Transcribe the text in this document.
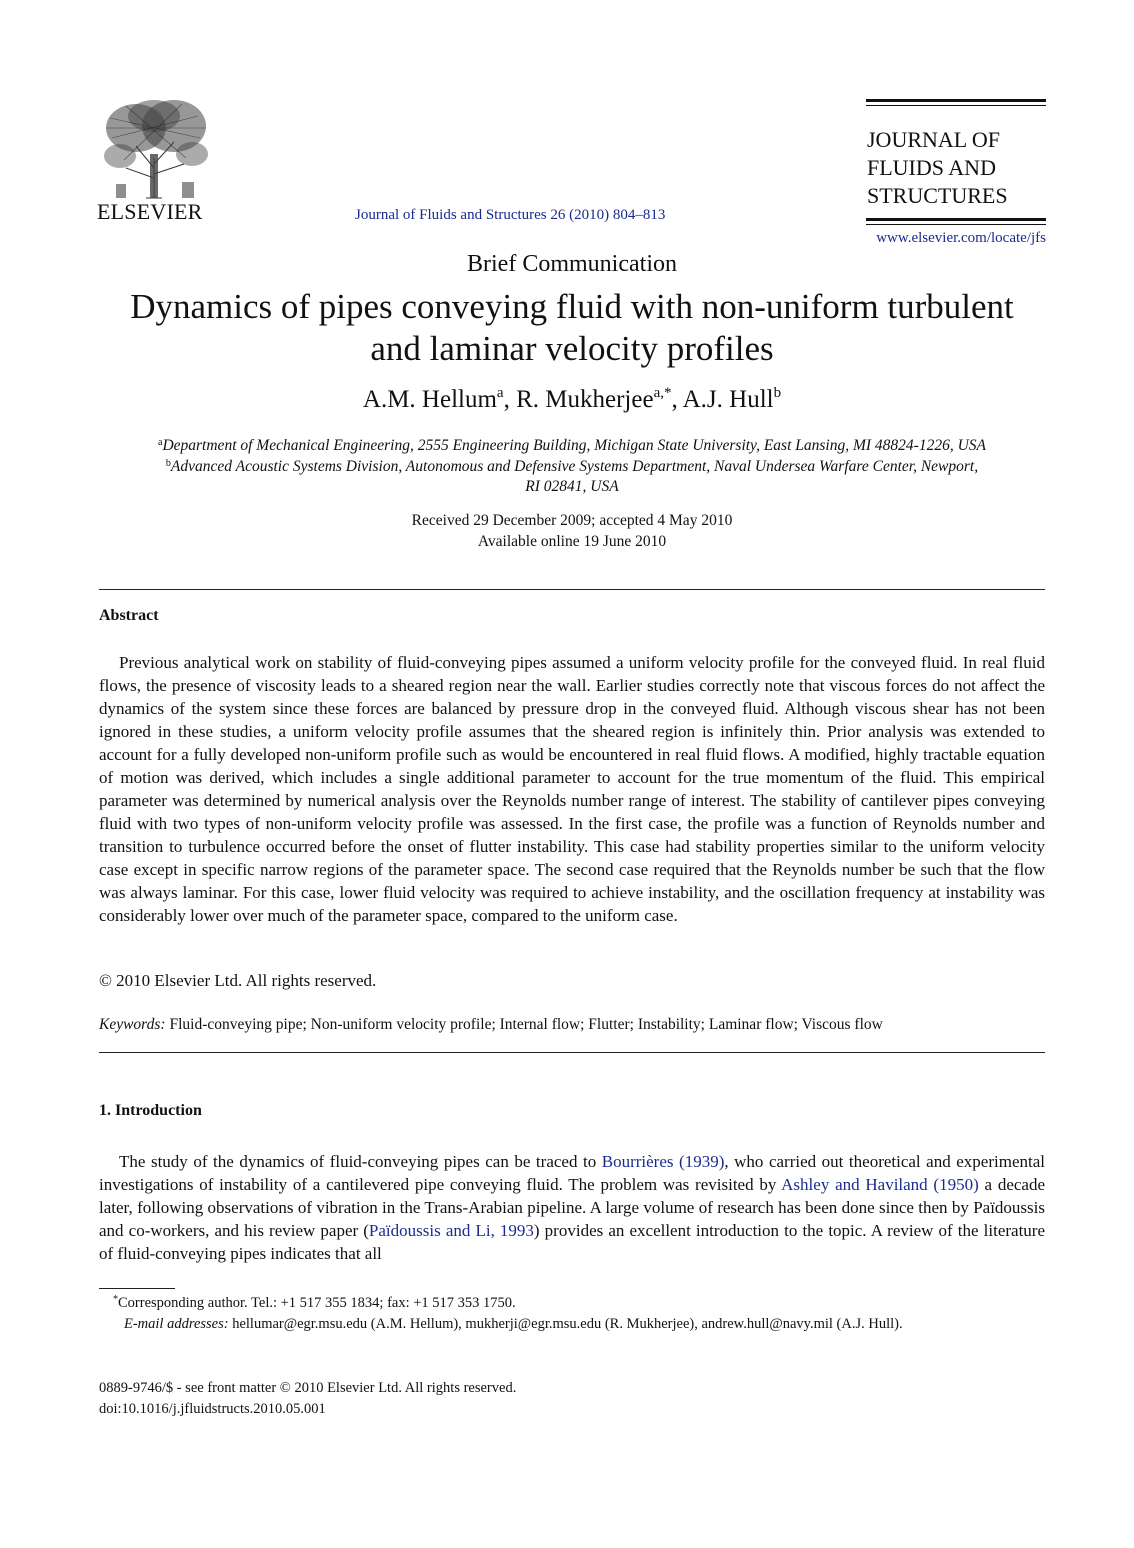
ELSEVIER	Journal of Fluids and Structures 26 (2010) 804–813
JOURNAL OF
FLUIDS AND
STRUCTURES
www.elsevier.com/locate/jfs
Brief Communication
Dynamics of pipes conveying fluid with non-uniform turbulent
and laminar velocity profiles
A.M. Hellum$^a$, R. Mukherjee$^{a,*}$, A.J. Hull$^b$
$^a$Department of Mechanical Engineering, 2555 Engineering Building, Michigan State University, East Lansing, MI 48824-1226, USA
$^b$Advanced Acoustic Systems Division, Autonomous and Defensive Systems Department, Naval Undersea Warfare Center, Newport,
RI 02841, USA
Received 29 December 2009; accepted 4 May 2010
Available online 19 June 2010
Abstract

Previous analytical work on stability of fluid-conveying pipes assumed a uniform velocity profile for the conveyed fluid. In real fluid flows, the presence of viscosity leads to a sheared region near the wall. Earlier studies correctly note that viscous forces do not affect the dynamics of the system since these forces are balanced by pressure drop in the conveyed fluid. Although viscous shear has not been ignored in these studies, a uniform velocity profile assumes that the sheared region is infinitely thin. Prior analysis was extended to account for a fully developed non-uniform profile such as would be encountered in real fluid flows. A modified, highly tractable equation of motion was derived, which includes a single additional parameter to account for the true momentum of the fluid. This empirical parameter was determined by numerical analysis over the Reynolds number range of interest. The stability of cantilever pipes conveying fluid with two types of non-uniform velocity profile was assessed. In the first case, the profile was a function of Reynolds number and transition to turbulence occurred before the onset of flutter instability. This case had stability properties similar to the uniform velocity case except in specific narrow regions of the parameter space. The second case required that the Reynolds number be such that the flow was always laminar. For this case, lower fluid velocity was required to achieve instability, and the oscillation frequency at instability was considerably lower over much of the parameter space, compared to the uniform case.

© 2010 Elsevier Ltd. All rights reserved.
Keywords: Fluid-conveying pipe; Non-uniform velocity profile; Internal flow; Flutter; Instability; Laminar flow; Viscous flow
1. Introduction

The study of the dynamics of fluid-conveying pipes can be traced to Bourrières (1939), who carried out theoretical and experimental investigations of instability of a cantilevered pipe conveying fluid. The problem was revisited by Ashley and Haviland (1950) a decade later, following observations of vibration in the Trans-Arabian pipeline. A large volume of research has been done since then by Païdoussis and co-workers, and his review paper (Païdoussis and Li, 1993) provides an excellent introduction to the topic. A review of the literature of fluid-conveying pipes indicates that all

*Corresponding author. Tel.: +1 517 355 1834; fax: +1 517 353 1750.
E-mail addresses: hellumar@egr.msu.edu (A.M. Hellum), mukherji@egr.msu.edu (R. Mukherjee), andrew.hull@navy.mil (A.J. Hull).
0889-9746/$ - see front matter © 2010 Elsevier Ltd. All rights reserved.
doi:10.1016/j.jfluidstructs.2010.05.001
